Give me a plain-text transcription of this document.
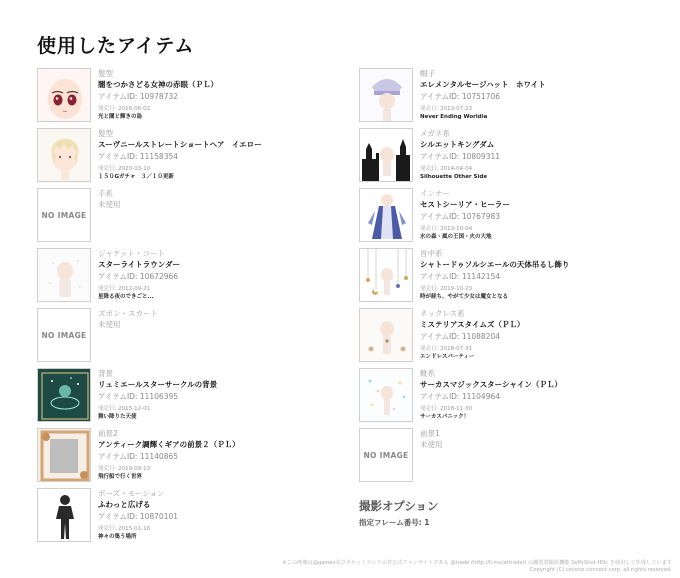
使用したアイテム
髪型
闇をつかさどる女神の赤眼（ＰＬ）
アイテムID: 10978732
発売日: 2016-06-02
光と闇と輝きの島
髪型
スーヴニールストレートショートヘア　イエロー
アイテムID: 11158354
発売日: 2020-03-10
１５０Gガチャ　３／１０更新
NO IMAGE
手系
未使用
ジャケット・コート
スターライトラウンダー
アイテムID: 10672966
発売日: 2012-09-21
星降る夜のできごと...
NO IMAGE
ズボン・スカート
未使用
背景
リュミエールスターサークルの背景
アイテムID: 11106395
発売日: 2015-12-01
舞い降りた天使
前景2
アンティーク調輝くギアの前景２（ＰＬ）
アイテムID: 11140865
発売日: 2019-09-13
飛行船で行く世界
ポーズ・モーション
ふわっと広げる
アイテムID: 10870101
発売日: 2015-01-16
神々の集う場所
帽子
エレメンタルセージハット　ホワイト
アイテムID: 10751706
発売日: 2013-07-23
Never Ending Worldia
メガネ系
シルエットキングダム
アイテムID: 10809311
発売日: 2014-04-04
Silhouette Other Side
インナー
セストシーリア・ヒーラー
アイテムID: 10767983
発売日: 2013-10-04
水の森・風の王国・火の大地
首中系
シャトードゥソルシエールの天体吊るし飾り
アイテムID: 11142154
発売日: 2019-10-23
時が経ち、やがて少女は魔女となる
ネックレス系
ミステリアスタイムズ（ＰＬ）
アイテムID: 11088204
発売日: 2018-07-31
エンドレスパーティー
靴系
サーカスマジックスターシャイン（ＰＬ）
アイテムID: 11104964
発売日: 2018-11-30
サーカスパニック！
NO IMAGE
前景1
未使用
撮影オプション
指定フレーム番号: 1
※この画像は@games及びポケットランドの非公式ファンサイトである @trade (http://li.mu/attrade/) の鑑賞賞撮影機能 SelfyShot HDc を使用して作成しています
Copyright (C) cocone connect corp. all rights reserved.
